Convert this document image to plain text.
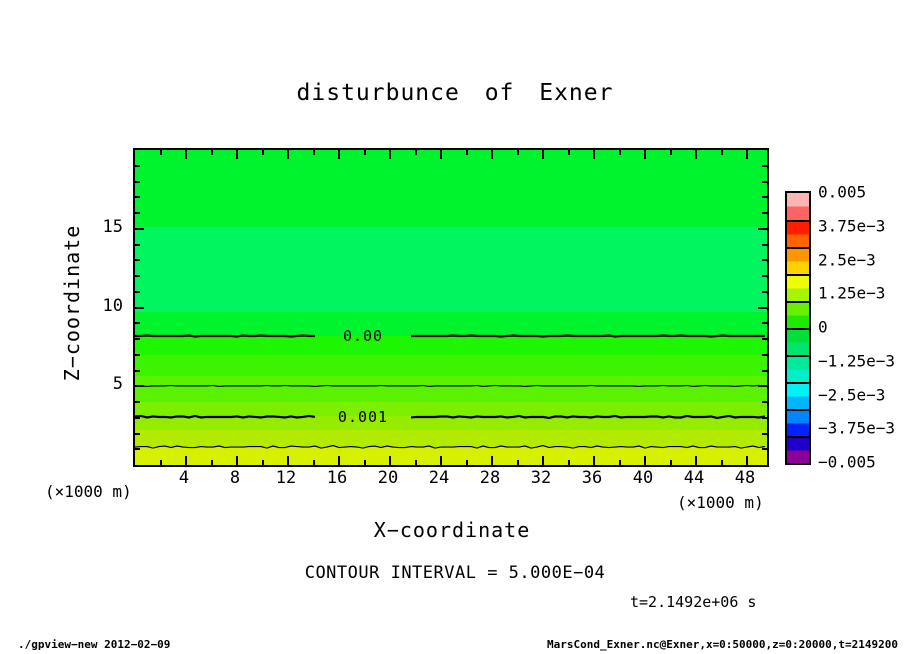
disturbunce of Exner
Z−coordinate	0.00
0.001
5
10
15
4 8 12 16 20 24 28 32 36 40 44 48
(×1000 m)
(×1000 m)
X−coordinate
CONTOUR INTERVAL = 5.000E−04
t=2.1492e+06 s
0.005
3.75e−3
2.5e−3
1.25e−3
0
−1.25e−3
−2.5e−3
−3.75e−3
−0.005
./gpview−new 2012−02−09	MarsCond_Exner.nc@Exner,x=0:50000,z=0:20000,t=2149200
